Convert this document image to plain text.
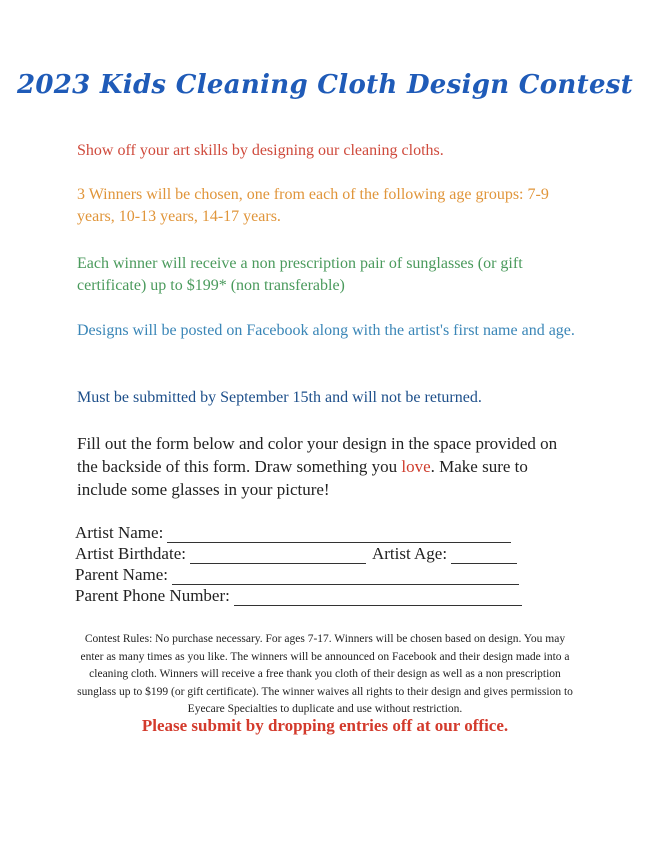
2023 Kids Cleaning Cloth Design Contest
Show off your art skills by designing our cleaning cloths.
3 Winners will be chosen, one from each of the following age groups: 7-9 years, 10-13 years, 14-17 years.
Each winner will receive a non prescription pair of sunglasses (or gift certificate) up to $199* (non transferable)
Designs will be posted on Facebook along with the artist's first name and age.
Must be submitted by September 15th and will not be returned.
Fill out the form below and color your design in the space provided on the backside of this form. Draw something you love. Make sure to include some glasses in your picture!
Artist Name:
Artist Birthdate:	Artist Age:
Parent Name:
Parent Phone Number:
Contest Rules: No purchase necessary. For ages 7-17. Winners will be chosen based on design. You may enter as many times as you like. The winners will be announced on Facebook and their design made into a cleaning cloth. Winners will receive a free thank you cloth of their design as well as a non prescription sunglass up to $199 (or gift certificate). The winner waives all rights to their design and gives permission to Eyecare Specialties to duplicate and use without restriction.
Please submit by dropping entries off at our office.
